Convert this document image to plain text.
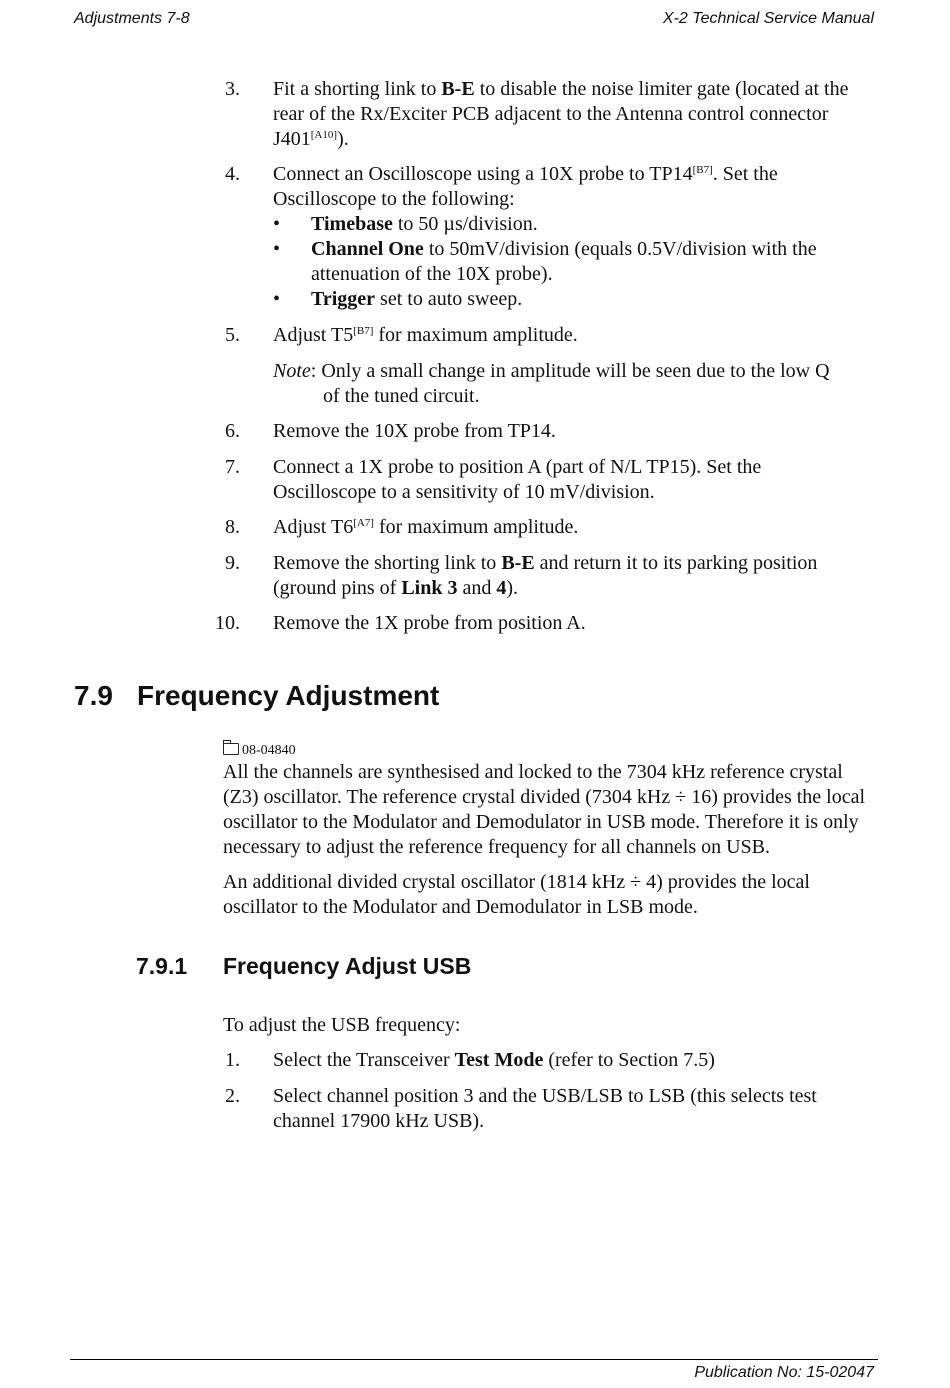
Adjustments 7-8	X-2 Technical Service Manual
3. Fit a shorting link to B-E to disable the noise limiter gate (located at the rear of the Rx/Exciter PCB adjacent to the Antenna control connector J401[A10]).
4. Connect an Oscilloscope using a 10X probe to TP14[B7]. Set the Oscilloscope to the following:
• Timebase to 50 µs/division.
• Channel One to 50mV/division (equals 0.5V/division with the attenuation of the 10X probe).
• Trigger set to auto sweep.
5. Adjust T5[B7] for maximum amplitude.
Note: Only a small change in amplitude will be seen due to the low Q
of the tuned circuit.
6. Remove the 10X probe from TP14.
7. Connect a 1X probe to position A (part of N/L TP15). Set the Oscilloscope to a sensitivity of 10 mV/division.
8. Adjust T6[A7] for maximum amplitude.
9. Remove the shorting link to B-E and return it to its parking position (ground pins of Link 3 and 4).
10. Remove the 1X probe from position A.
7.9 Frequency Adjustment
08-04840
All the channels are synthesised and locked to the 7304 kHz reference crystal (Z3) oscillator. The reference crystal divided (7304 kHz ÷ 16) provides the local oscillator to the Modulator and Demodulator in USB mode. Therefore it is only necessary to adjust the reference frequency for all channels on USB.
An additional divided crystal oscillator (1814 kHz ÷ 4) provides the local oscillator to the Modulator and Demodulator in LSB mode.
7.9.1 Frequency Adjust USB
To adjust the USB frequency:
1. Select the Transceiver Test Mode (refer to Section 7.5)
2. Select channel position 3 and the USB/LSB to LSB (this selects test channel 17900 kHz USB).
Publication No: 15-02047
